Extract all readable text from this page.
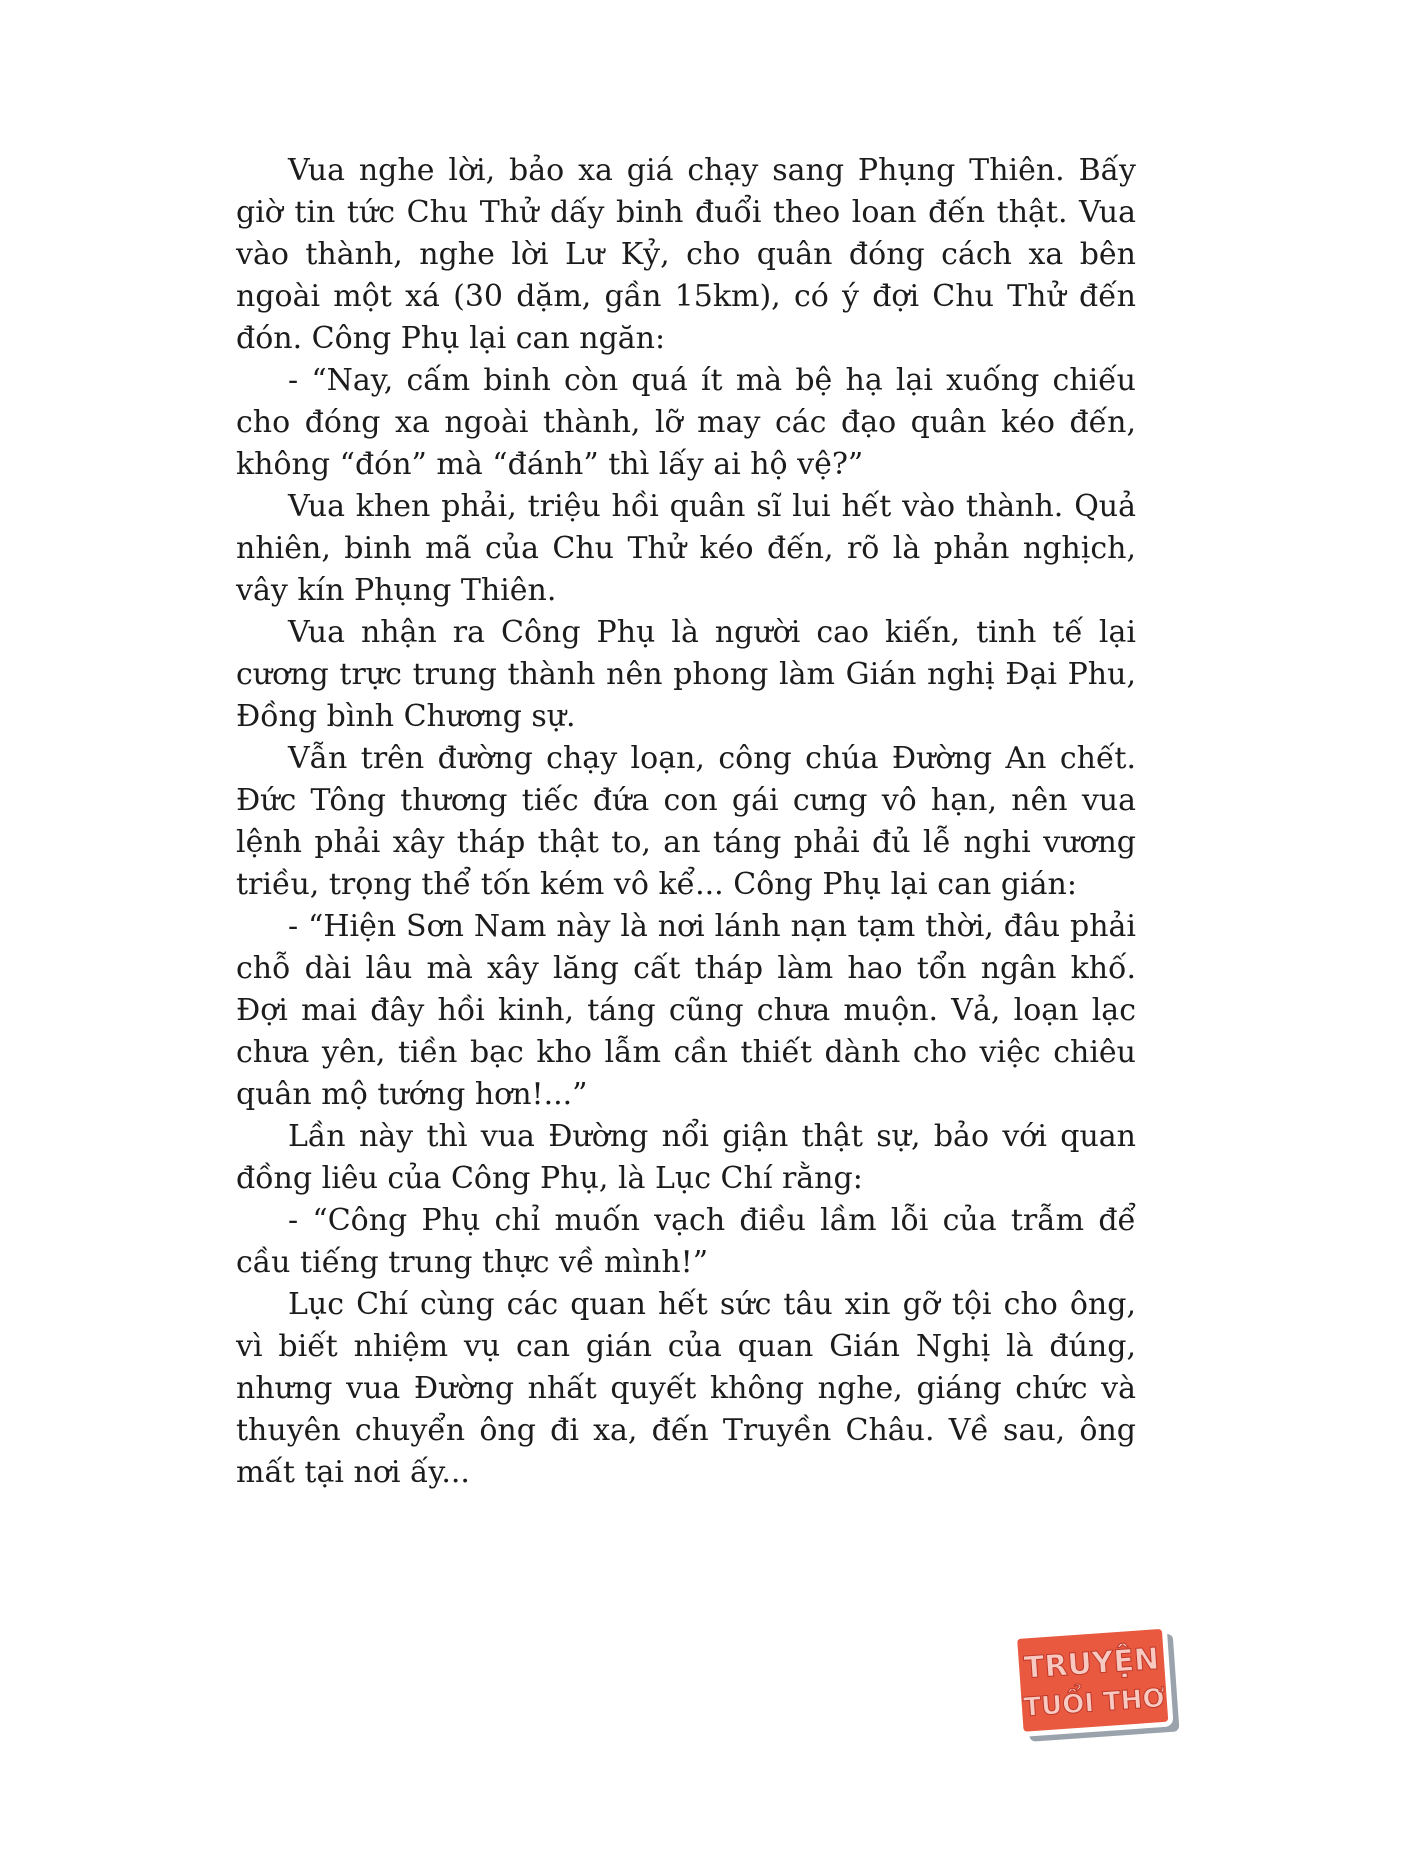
Vua nghe lời, bảo xa giá chạy sang Phụng Thiên. Bấy giờ tin tức Chu Thử dấy binh đuổi theo loan đến thật. Vua vào thành, nghe lời Lư Kỷ, cho quân đóng cách xa bên ngoài một xá (30 dặm, gần 15km), có ý đợi Chu Thử đến đón. Công Phụ lại can ngăn:

- “Nay, cấm binh còn quá ít mà bệ hạ lại xuống chiếu cho đóng xa ngoài thành, lỡ may các đạo quân kéo đến, không “đón” mà “đánh” thì lấy ai hộ vệ?”

Vua khen phải, triệu hồi quân sĩ lui hết vào thành. Quả nhiên, binh mã của Chu Thử kéo đến, rõ là phản nghịch, vây kín Phụng Thiên.

Vua nhận ra Công Phụ là người cao kiến, tinh tế lại cương trực trung thành nên phong làm Gián nghị Đại Phu, Đồng bình Chương sự.

Vẫn trên đường chạy loạn, công chúa Đường An chết. Đức Tông thương tiếc đứa con gái cưng vô hạn, nên vua lệnh phải xây tháp thật to, an táng phải đủ lễ nghi vương triều, trọng thể tốn kém vô kể... Công Phụ lại can gián:

- “Hiện Sơn Nam này là nơi lánh nạn tạm thời, đâu phải chỗ dài lâu mà xây lăng cất tháp làm hao tổn ngân khố. Đợi mai đây hồi kinh, táng cũng chưa muộn. Vả, loạn lạc chưa yên, tiền bạc kho lẫm cần thiết dành cho việc chiêu quân mộ tướng hơn!...”

Lần này thì vua Đường nổi giận thật sự, bảo với quan đồng liêu của Công Phụ, là Lục Chí rằng:

- “Công Phụ chỉ muốn vạch điều lầm lỗi của trẫm để cầu tiếng trung thực về mình!”

Lục Chí cùng các quan hết sức tâu xin gỡ tội cho ông, vì biết nhiệm vụ can gián của quan Gián Nghị là đúng, nhưng vua Đường nhất quyết không nghe, giáng chức và thuyên chuyển ông đi xa, đến Truyền Châu. Về sau, ông mất tại nơi ấy...

TRUYỆN
TUỔI THƠ
